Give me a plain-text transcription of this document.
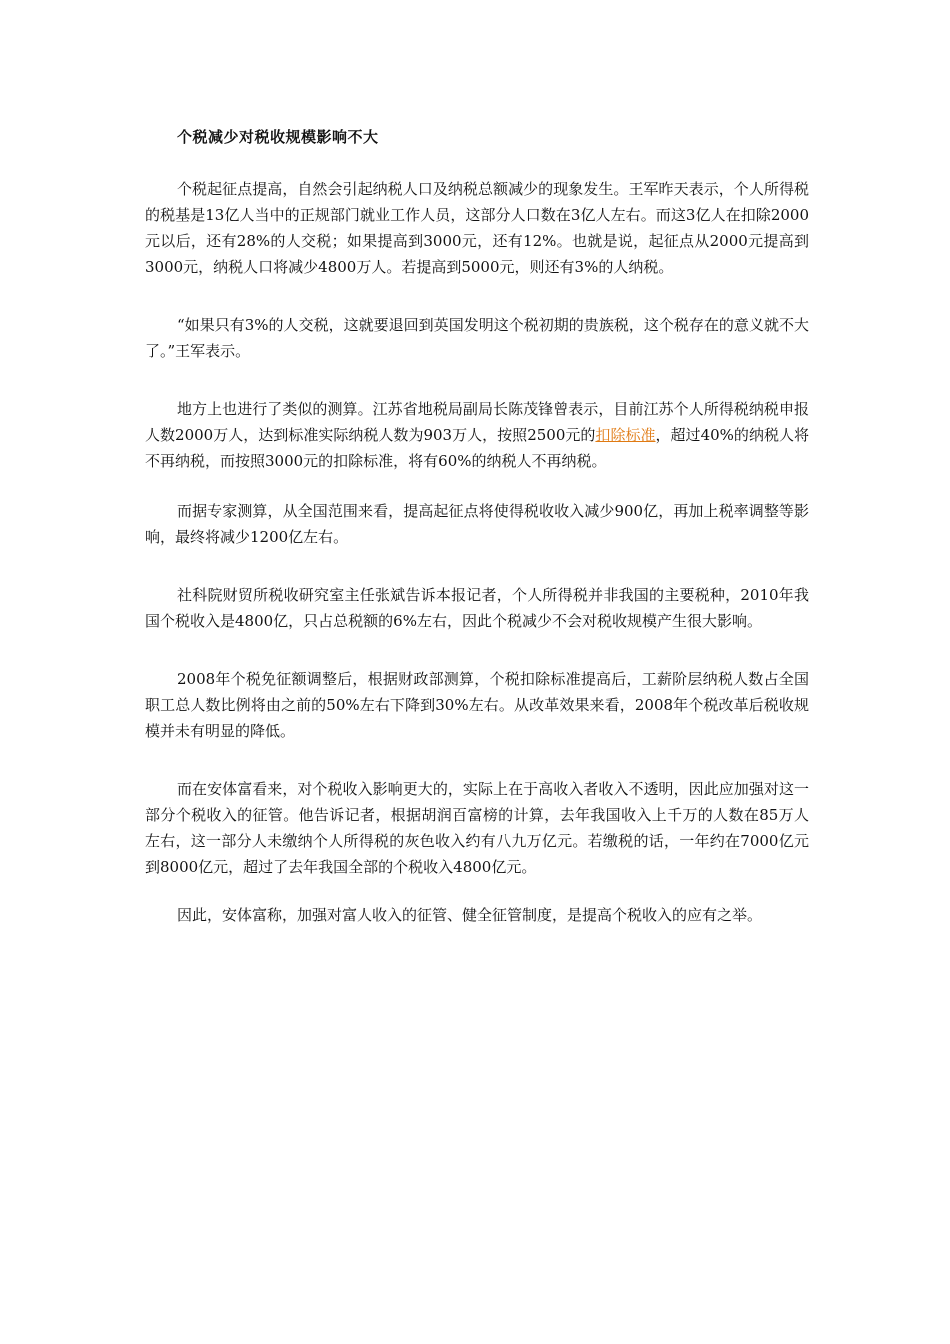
个税减少对税收规模影响不大

个税起征点提高，自然会引起纳税人口及纳税总额减少的现象发生。王军昨天表示，个人所得税的税基是13亿人当中的正规部门就业工作人员，这部分人口数在3亿人左右。而这3亿人在扣除2000元以后，还有28%的人交税；如果提高到3000元，还有12%。也就是说，起征点从2000元提高到3000元，纳税人口将减少4800万人。若提高到5000元，则还有3%的人纳税。

“如果只有3%的人交税，这就要退回到英国发明这个税初期的贵族税，这个税存在的意义就不大了。”王军表示。

地方上也进行了类似的测算。江苏省地税局副局长陈茂锋曾表示，目前江苏个人所得税纳税申报人数2000万人，达到标准实际纳税人数为903万人，按照2500元的扣除标准，超过40%的纳税人将不再纳税，而按照3000元的扣除标准，将有60%的纳税人不再纳税。

而据专家测算，从全国范围来看，提高起征点将使得税收收入减少900亿，再加上税率调整等影响，最终将减少1200亿左右。

社科院财贸所税收研究室主任张斌告诉本报记者，个人所得税并非我国的主要税种，2010年我国个税收入是4800亿，只占总税额的6%左右，因此个税减少不会对税收规模产生很大影响。

2008年个税免征额调整后，根据财政部测算，个税扣除标准提高后，工薪阶层纳税人数占全国职工总人数比例将由之前的50%左右下降到30%左右。从改革效果来看，2008年个税改革后税收规模并未有明显的降低。

而在安体富看来，对个税收入影响更大的，实际上在于高收入者收入不透明，因此应加强对这一部分个税收入的征管。他告诉记者，根据胡润百富榜的计算，去年我国收入上千万的人数在85万人左右，这一部分人未缴纳个人所得税的灰色收入约有八九万亿元。若缴税的话，一年约在7000亿元到8000亿元，超过了去年我国全部的个税收入4800亿元。

因此，安体富称，加强对富人收入的征管、健全征管制度，是提高个税收入的应有之举。
